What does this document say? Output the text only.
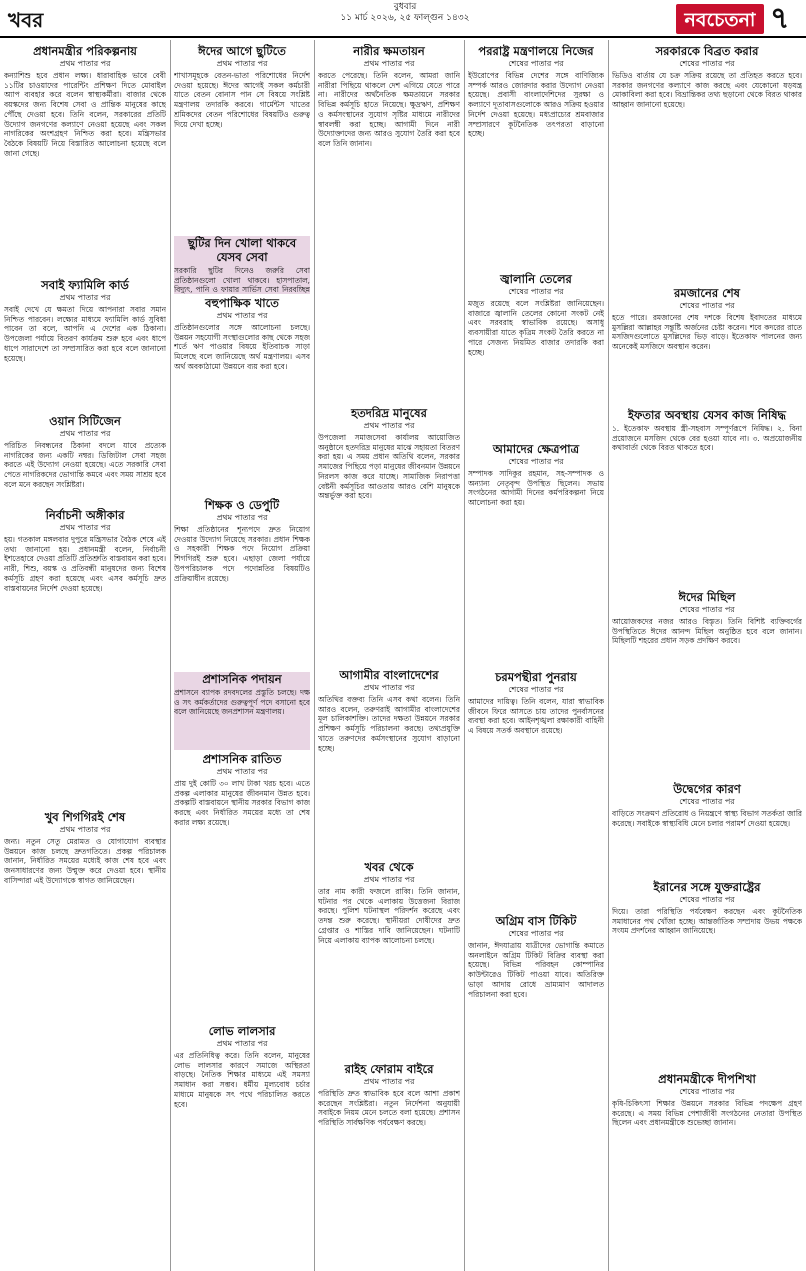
খবর
বুধবার
১১ মার্চ ২০২৬, ২৫ ফাল্গুন ১৪৩২	নবচেতনা ৭
প্রধানমন্ত্রীর পরিকল্পনায়
প্রথম পাতার পর

কন্যাশিশু হবে প্রধান লক্ষ্য। ধারাবাহিক ভাবে বেবী ১১টির চাওয়াদের পারেন্টিং প্রশিক্ষণ দিতে মোবাইল অ্যাপ ব্যবহার করে বলেন স্বাস্থ্যকর্মীরা। বাজার থেকে বয়স্কদের জন্য বিশেষ সেবা ও প্রান্তিক মানুষের কাছে পৌঁছে দেওয়া হবে। তিনি বলেন, সরকারের প্রতিটি উদ্যোগ জনগণের কল্যাণে নেওয়া হয়েছে এবং সকল নাগরিকের অংশগ্রহণ নিশ্চিত করা হবে। মন্ত্রিসভার বৈঠকে বিষয়টি নিয়ে বিস্তারিত আলোচনা হয়েছে বলে জানা গেছে।

সবাই ফ্যামিলি কার্ড
প্রথম পাতার পর

সবাই দেখে যে ক্ষমতা দিয়ে আপনারা সবার সমান নিশ্চিত পারবেন। লক্ষ্যের মাধ্যমে ফ্যামিলি কার্ড সুবিধা পাবেন তা বলে, আপনি এ দেশের এক ঠিকানা। উপজেলা পর্যায়ে বিতরণ কার্যক্রম শুরু হবে এবং ধাপে ধাপে সারাদেশে তা সম্প্রসারিত করা হবে বলে জানানো হয়েছে।

ওয়ান সিটিজেন
প্রথম পাতার পর

পরিচিত নিবন্ধনের ঠিকানা বদলে যাবে প্রত্যেক নাগরিকের জন্য একটি নম্বর। ডিজিটাল সেবা সহজ করতে এই উদ্যোগ নেওয়া হয়েছে। এতে সরকারি সেবা পেতে নাগরিকদের ভোগান্তি কমবে এবং সময় সাশ্রয় হবে বলে মনে করছেন সংশ্লিষ্টরা।

নির্বাচনী অঙ্গীকার
প্রথম পাতার পর

হয়। গতকাল মঙ্গলবার দুপুরে মন্ত্রিসভার বৈঠক শেষে এই তথ্য জানানো হয়। প্রধানমন্ত্রী বলেন, নির্বাচনী ইশতেহারে দেওয়া প্রতিটি প্রতিশ্রুতি বাস্তবায়ন করা হবে। নারী, শিশু, বয়স্ক ও প্রতিবন্ধী মানুষদের জন্য বিশেষ কর্মসূচি গ্রহণ করা হয়েছে এবং এসব কর্মসূচি দ্রুত বাস্তবায়নের নির্দেশ দেওয়া হয়েছে।

খুব শিগগিরই শেষ
প্রথম পাতার পর

জন্য। নতুন সেতু মেরামত ও যোগাযোগ ব্যবস্থার উন্নয়নে কাজ চলছে দ্রুতগতিতে। প্রকল্প পরিচালক জানান, নির্ধারিত সময়ের মধ্যেই কাজ শেষ হবে এবং জনসাধারণের জন্য উন্মুক্ত করে দেওয়া হবে। স্থানীয় বাসিন্দারা এই উদ্যোগকে স্বাগত জানিয়েছেন।

ঈদের আগে ছুটিতে
প্রথম পাতার পর

শাখাসমূহকে বেতন-ভাতা পরিশোধের নির্দেশ দেওয়া হয়েছে। ঈদের আগেই সকল কর্মচারী যাতে বেতন বোনাস পান সে বিষয়ে সংশ্লিষ্ট মন্ত্রণালয় তদারকি করবে। গার্মেন্টস খাতের শ্রমিকদের বেতন পরিশোধের বিষয়টিও গুরুত্ব দিয়ে দেখা হচ্ছে।

ছুটির দিন খোলা থাকবে যেসব সেবা

সরকারি ছুটির দিনেও জরুরি সেবা প্রতিষ্ঠানগুলো খোলা থাকবে। হাসপাতাল, বিদ্যুৎ, পানি ও ফায়ার সার্ভিস সেবা নিরবচ্ছিন্ন

বহুপাক্ষিক খাতে
প্রথম পাতার পর

প্রতিষ্ঠানগুলোর সঙ্গে আলোচনা চলছে। উন্নয়ন সহযোগী সংস্থাগুলোর কাছ থেকে সহজ শর্তে ঋণ পাওয়ার বিষয়ে ইতিবাচক সাড়া মিলেছে বলে জানিয়েছে অর্থ মন্ত্রণালয়। এসব অর্থ অবকাঠামো উন্নয়নে ব্যয় করা হবে।

শিক্ষক ও ডেপুটি
প্রথম পাতার পর

শিক্ষা প্রতিষ্ঠানের শূন্যপদে দ্রুত নিয়োগ দেওয়ার উদ্যোগ নিয়েছে সরকার। প্রধান শিক্ষক ও সহকারী শিক্ষক পদে নিয়োগ প্রক্রিয়া শিগগিরই শুরু হবে। এছাড়া জেলা পর্যায়ে উপপরিচালক পদে পদোন্নতির বিষয়টিও প্রক্রিয়াধীন রয়েছে।

প্রশাসনিক পদায়ন

প্রশাসনে ব্যাপক রদবদলের প্রস্তুতি চলছে। দক্ষ ও সৎ কর্মকর্তাদের গুরুত্বপূর্ণ পদে বসানো হবে বলে জানিয়েছে জনপ্রশাসন মন্ত্রণালয়।

প্রশাসনিক রাতিত
প্রথম পাতার পর

প্রায় দুই কোটি ৩০ লাখ টাকা খরচ হবে। এতে প্রকল্প এলাকার মানুষের জীবনমান উন্নত হবে। প্রকল্পটি বাস্তবায়নে স্থানীয় সরকার বিভাগ কাজ করছে এবং নির্ধারিত সময়ের মধ্যে তা শেষ করার লক্ষ্য রয়েছে।

লোভ লালসার
প্রথম পাতার পর

এর প্রতিনিধিত্ব করে। তিনি বলেন, মানুষের লোভ লালসার কারণে সমাজে অস্থিরতা বাড়ছে। নৈতিক শিক্ষার মাধ্যমে এই সমস্যা সমাধান করা সম্ভব। ধর্মীয় মূল্যবোধ চর্চার মাধ্যমে মানুষকে সৎ পথে পরিচালিত করতে হবে।

নারীর ক্ষমতায়ন
প্রথম পাতার পর

করতে পেরেছে। তিনি বলেন, আমরা জানি নারীরা পিছিয়ে থাকলে দেশ এগিয়ে যেতে পারে না। নারীদের অর্থনৈতিক ক্ষমতায়নে সরকার বিভিন্ন কর্মসূচি হাতে নিয়েছে। ক্ষুদ্রঋণ, প্রশিক্ষণ ও কর্মসংস্থানের সুযোগ সৃষ্টির মাধ্যমে নারীদের স্বাবলম্বী করা হচ্ছে। আগামী দিনে নারী উদ্যোক্তাদের জন্য আরও সুযোগ তৈরি করা হবে বলে তিনি জানান।

হতদরিদ্র মানুষের
প্রথম পাতার পর

উপজেলা সমাজসেবা কার্যালয় আয়োজিত অনুষ্ঠানে হতদরিদ্র মানুষের মাঝে সহায়তা বিতরণ করা হয়। এ সময় প্রধান অতিথি বলেন, সরকার সমাজের পিছিয়ে পড়া মানুষের জীবনমান উন্নয়নে নিরলস কাজ করে যাচ্ছে। সামাজিক নিরাপত্তা বেষ্টনী কর্মসূচির আওতায় আরও বেশি মানুষকে অন্তর্ভুক্ত করা হবে।

আগামীর বাংলাদেশের
প্রথম পাতার পর

অতিথির বক্তব্য তিনি এসব কথা বলেন। তিনি আরও বলেন, তরুণরাই আগামীর বাংলাদেশের মূল চালিকাশক্তি। তাদের দক্ষতা উন্নয়নে সরকার প্রশিক্ষণ কর্মসূচি পরিচালনা করছে। তথ্যপ্রযুক্তি খাতে তরুণদের কর্মসংস্থানের সুযোগ বাড়ানো হচ্ছে।

খবর থেকে
প্রথম পাতার পর

তার নাম কারী ফজলে রাব্বি। তিনি জানান, ঘটনার পর থেকে এলাকায় উত্তেজনা বিরাজ করছে। পুলিশ ঘটনাস্থল পরিদর্শন করেছে এবং তদন্ত শুরু করেছে। স্থানীয়রা দোষীদের দ্রুত গ্রেপ্তার ও শাস্তির দাবি জানিয়েছেন। ঘটনাটি নিয়ে এলাকায় ব্যাপক আলোচনা চলছে।

রাইহ ফোরাম বাইরে
প্রথম পাতার পর

পরিস্থিতি দ্রুত স্বাভাবিক হবে বলে আশা প্রকাশ করেছেন সংশ্লিষ্টরা। নতুন নির্দেশনা অনুযায়ী সবাইকে নিয়ম মেনে চলতে বলা হয়েছে। প্রশাসন পরিস্থিতি সার্বক্ষণিক পর্যবেক্ষণ করছে।

পররাষ্ট্র মন্ত্রণালয়ে নিজের
শেষের পাতার পর

ইউরোপের বিভিন্ন দেশের সঙ্গে বাণিজ্যিক সম্পর্ক আরও জোরদার করার উদ্যোগ নেওয়া হয়েছে। প্রবাসী বাংলাদেশিদের সুরক্ষা ও কল্যাণে দূতাবাসগুলোকে আরও সক্রিয় হওয়ার নির্দেশ দেওয়া হয়েছে। মধ্যপ্রাচ্যের শ্রমবাজার সম্প্রসারণে কূটনৈতিক তৎপরতা বাড়ানো হচ্ছে।

জ্বালানি তেলের
শেষের পাতার পর

মজুত রয়েছে বলে সংশ্লিষ্টরা জানিয়েছেন। বাজারে জ্বালানি তেলের কোনো সংকট নেই এবং সরবরাহ স্বাভাবিক রয়েছে। অসাধু ব্যবসায়ীরা যাতে কৃত্রিম সংকট তৈরি করতে না পারে সেজন্য নিয়মিত বাজার তদারকি করা হচ্ছে।

আমাদের ক্ষেত্রপাত্র
শেষের পাতার পর

সম্পাদক সাদিকুর রহমান, সহ-সম্পাদক ও অন্যান্য নেতৃবৃন্দ উপস্থিত ছিলেন। সভায় সংগঠনের আগামী দিনের কর্মপরিকল্পনা নিয়ে আলোচনা করা হয়।

চরমপন্থীরা পুনরায়
শেষের পাতার পর

আমাদের দায়িত্ব। তিনি বলেন, যারা স্বাভাবিক জীবনে ফিরে আসতে চায় তাদের পুনর্বাসনের ব্যবস্থা করা হবে। আইনশৃঙ্খলা রক্ষাকারী বাহিনী এ বিষয়ে সতর্ক অবস্থানে রয়েছে।

অগ্রিম বাস টিকিট
শেষের পাতার পর

জানান, ঈদযাত্রায় যাত্রীদের ভোগান্তি কমাতে অনলাইনে অগ্রিম টিকিট বিক্রির ব্যবস্থা করা হয়েছে। বিভিন্ন পরিবহন কোম্পানির কাউন্টারেও টিকিট পাওয়া যাবে। অতিরিক্ত ভাড়া আদায় রোধে ভ্রাম্যমাণ আদালত পরিচালনা করা হবে।

সরকারকে বিব্রত করার
শেষের পাতার পর

ভিডিও বার্তায় যে চক্র সক্রিয় রয়েছে তা প্রতিহত করতে হবে। সরকার জনগণের কল্যাণে কাজ করছে এবং যেকোনো ষড়যন্ত্র মোকাবিলা করা হবে। বিভ্রান্তিকর তথ্য ছড়ানো থেকে বিরত থাকার আহ্বান জানানো হয়েছে।

রমজানের শেষ
শেষের পাতার পর

হতে পারে। রমজানের শেষ দশকে বিশেষ ইবাদতের মাধ্যমে মুসল্লিরা আল্লাহর সন্তুষ্টি অর্জনের চেষ্টা করেন। শবে কদরের রাতে মসজিদগুলোতে মুসল্লিদের ভিড় বাড়ে। ইতেকাফ পালনের জন্য অনেকেই মসজিদে অবস্থান করেন।

ইফতার অবস্থায় যেসব কাজ নিষিদ্ধ

১. ইতেকাফ অবস্থায় স্ত্রী-সহবাস সম্পূর্ণরূপে নিষিদ্ধ। ২. বিনা প্রয়োজনে মসজিদ থেকে বের হওয়া যাবে না। ৩. অপ্রয়োজনীয় কথাবার্তা থেকে বিরত থাকতে হবে।

ঈদের মিছিল
শেষের পাতার পর

আয়োজকদের নজর আরও বিস্তৃত। তিনি বিশিষ্ট ব্যক্তিবর্গের উপস্থিতিতে ঈদের আনন্দ মিছিল অনুষ্ঠিত হবে বলে জানান। মিছিলটি শহরের প্রধান সড়ক প্রদক্ষিণ করবে।

উদ্বেগের কারণ
শেষের পাতার পর

বাড়িতে সংক্রমণ প্রতিরোধ ও নিয়ন্ত্রণে স্বাস্থ্য বিভাগ সতর্কতা জারি করেছে। সবাইকে স্বাস্থ্যবিধি মেনে চলার পরামর্শ দেওয়া হয়েছে।

ইরানের সঙ্গে যুক্তরাষ্ট্রের
শেষের পাতার পর

দিয়ে। তারা পরিস্থিতি পর্যবেক্ষণ করছেন এবং কূটনৈতিক সমাধানের পথ খোঁজা হচ্ছে। আন্তর্জাতিক সম্প্রদায় উভয় পক্ষকে সংযম প্রদর্শনের আহ্বান জানিয়েছে।

প্রধানমন্ত্রীকে দীপশিখা
শেষের পাতার পর

কৃষি-চিকিৎসা শিক্ষার উন্নয়নে সরকার বিভিন্ন পদক্ষেপ গ্রহণ করেছে। এ সময় বিভিন্ন পেশাজীবী সংগঠনের নেতারা উপস্থিত ছিলেন এবং প্রধানমন্ত্রীকে শুভেচ্ছা জানান।
